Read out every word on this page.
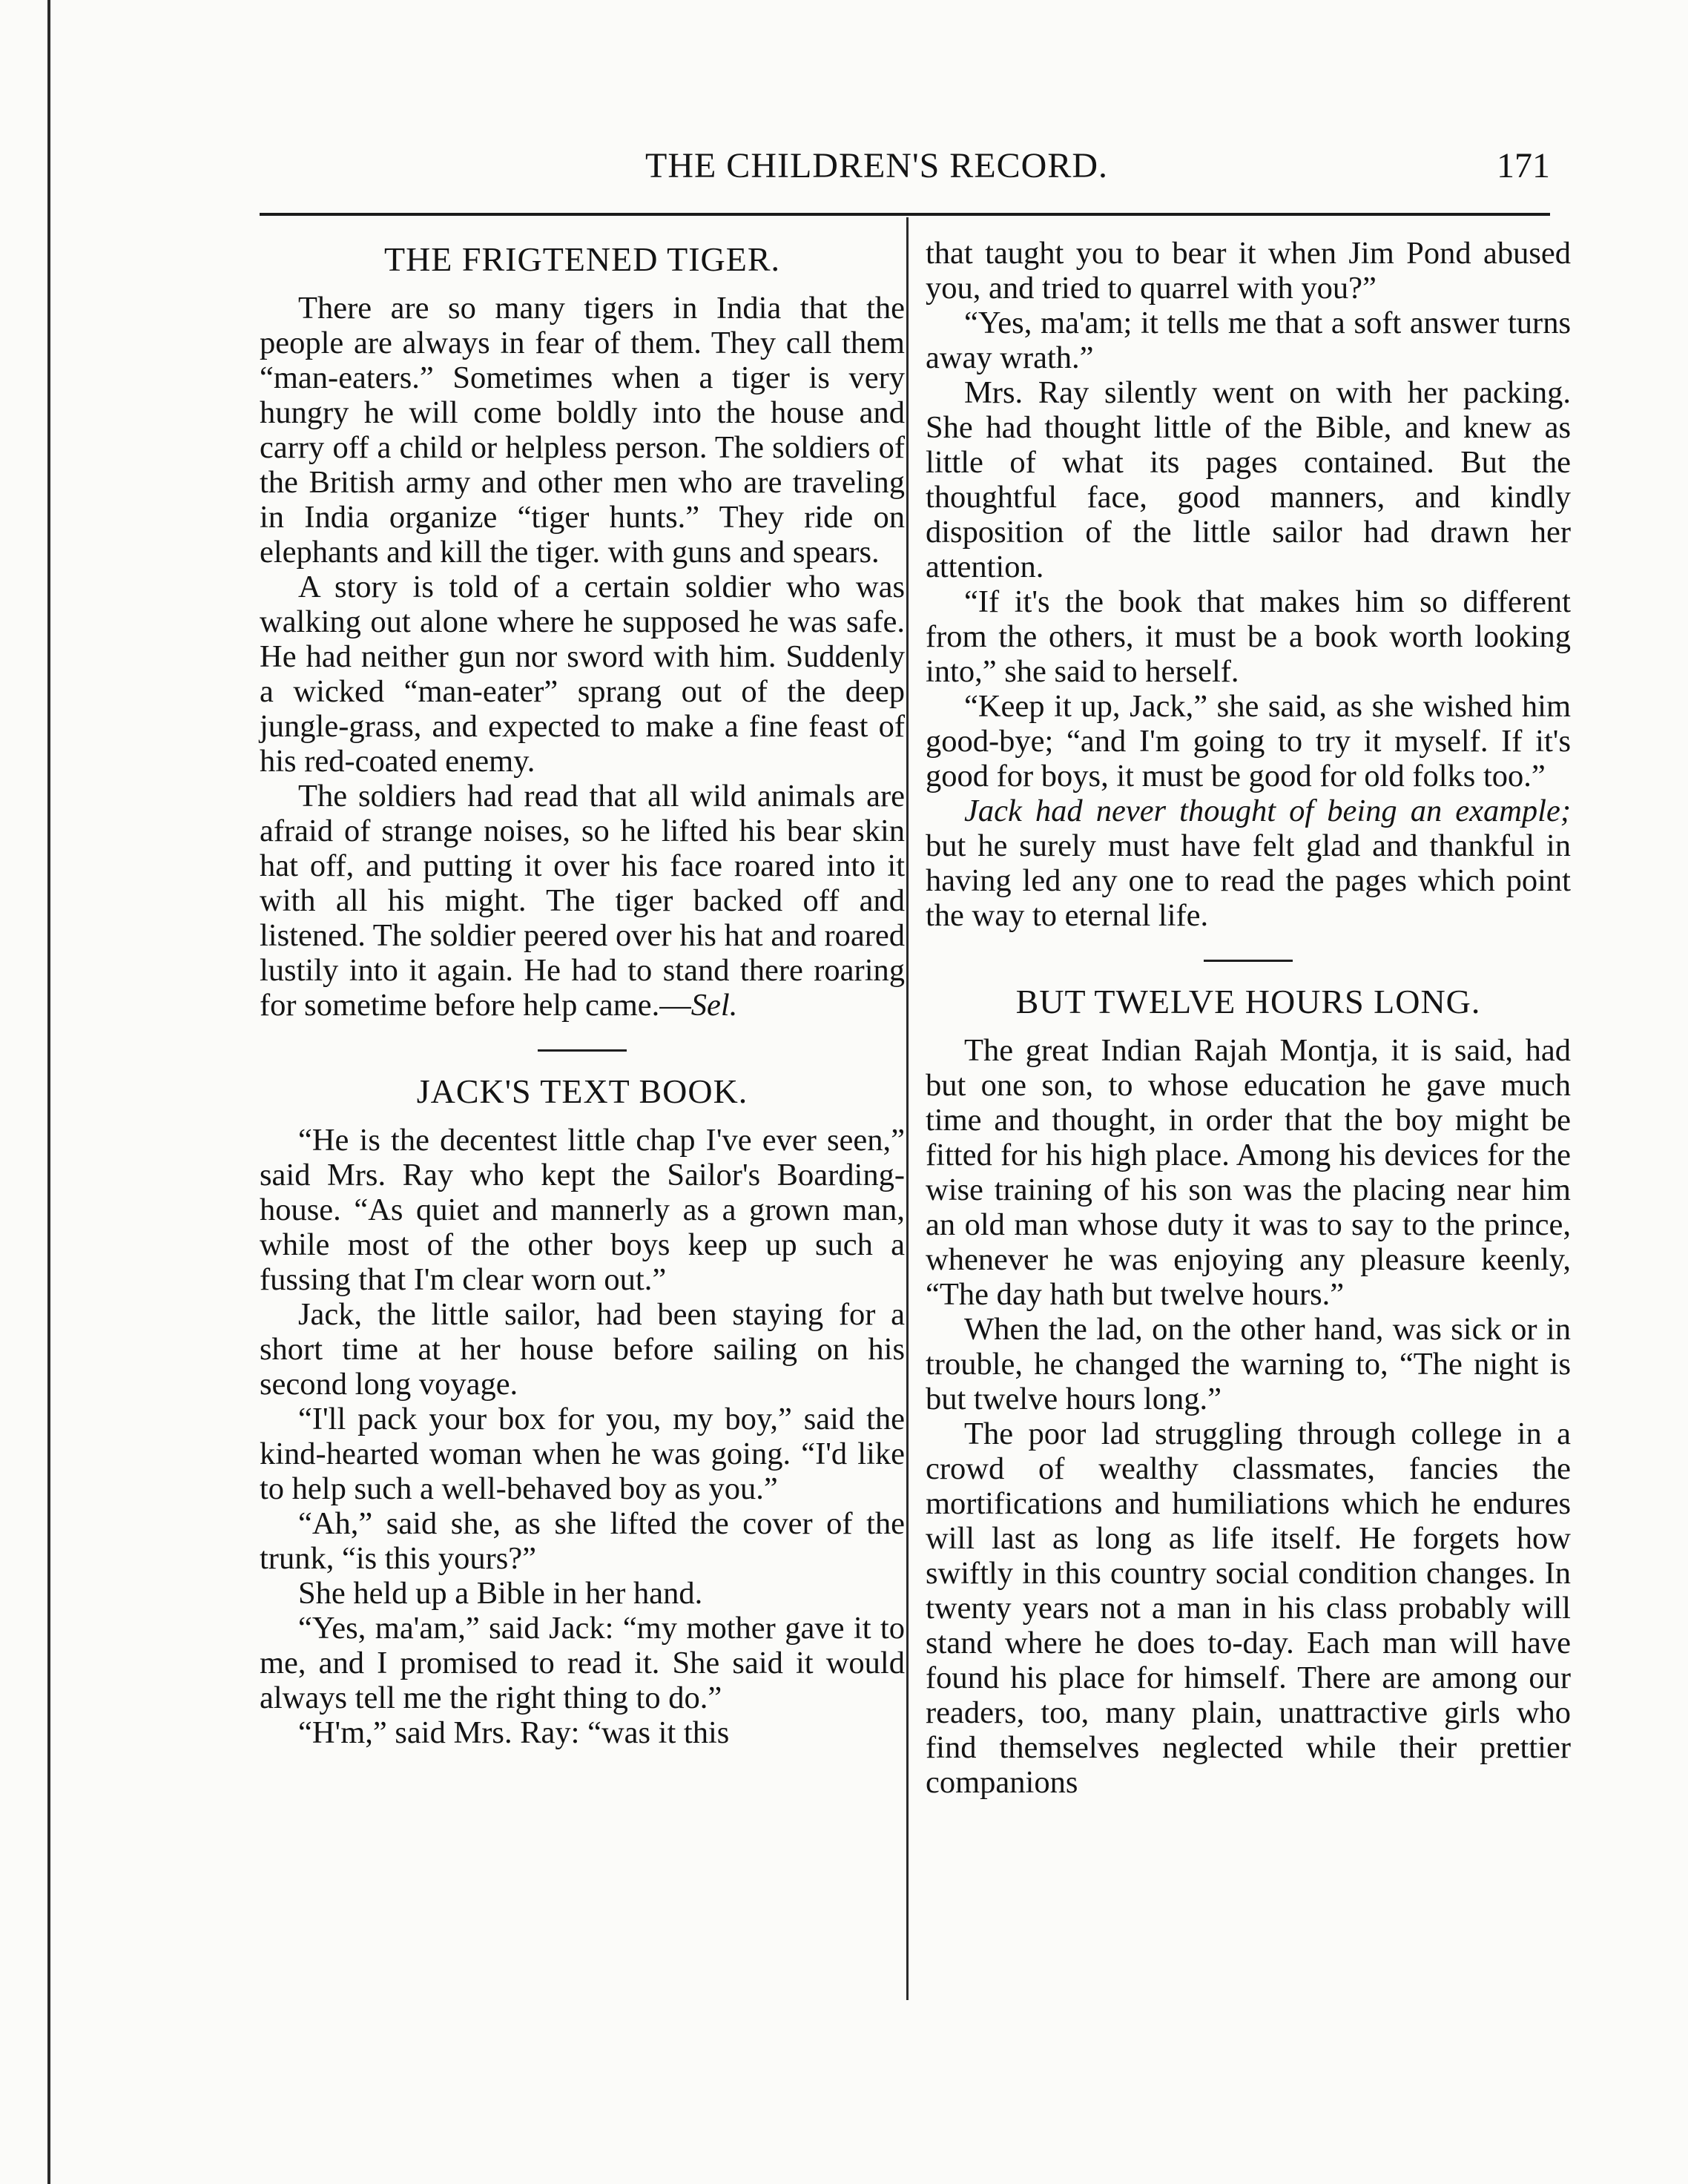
THE CHILDREN'S RECORD.	171
THE FRIGTENED TIGER.

There are so many tigers in India that the people are always in fear of them. They call them “man-eaters.” Sometimes when a tiger is very hungry he will come boldly into the house and carry off a child or helpless person. The soldiers of the British army and other men who are traveling in India organize “tiger hunts.” They ride on elephants and kill the tiger. with guns and spears.

A story is told of a certain soldier who was walking out alone where he supposed he was safe. He had neither gun nor sword with him. Suddenly a wicked “man-eater” sprang out of the deep jungle-grass, and expected to make a fine feast of his red-coated enemy.

The soldiers had read that all wild animals are afraid of strange noises, so he lifted his bear skin hat off, and putting it over his face roared into it with all his might. The tiger backed off and listened. The soldier peered over his hat and roared lustily into it again. He had to stand there roaring for sometime before help came.—Sel.

JACK'S TEXT BOOK.

“He is the decentest little chap I've ever seen,” said Mrs. Ray who kept the Sailor's Boarding-house. “As quiet and mannerly as a grown man, while most of the other boys keep up such a fussing that I'm clear worn out.”

Jack, the little sailor, had been staying for a short time at her house before sailing on his second long voyage.

“I'll pack your box for you, my boy,” said the kind-hearted woman when he was going. “I'd like to help such a well-behaved boy as you.”

“Ah,” said she, as she lifted the cover of the trunk, “is this yours?”

She held up a Bible in her hand.

“Yes, ma'am,” said Jack: “my mother gave it to me, and I promised to read it. She said it would always tell me the right thing to do.”

“H'm,” said Mrs. Ray: “was it this

that taught you to bear it when Jim Pond abused you, and tried to quarrel with you?”

“Yes, ma'am; it tells me that a soft answer turns away wrath.”

Mrs. Ray silently went on with her packing. She had thought little of the Bible, and knew as little of what its pages contained. But the thoughtful face, good manners, and kindly disposition of the little sailor had drawn her attention.

“If it's the book that makes him so different from the others, it must be a book worth looking into,” she said to herself.

“Keep it up, Jack,” she said, as she wished him good-bye; “and I'm going to try it myself. If it's good for boys, it must be good for old folks too.”

Jack had never thought of being an example; but he surely must have felt glad and thankful in having led any one to read the pages which point the way to eternal life.

BUT TWELVE HOURS LONG.

The great Indian Rajah Montja, it is said, had but one son, to whose education he gave much time and thought, in order that the boy might be fitted for his high place. Among his devices for the wise training of his son was the placing near him an old man whose duty it was to say to the prince, whenever he was enjoying any pleasure keenly, “The day hath but twelve hours.”

When the lad, on the other hand, was sick or in trouble, he changed the warning to, “The night is but twelve hours long.”

The poor lad struggling through college in a crowd of wealthy classmates, fancies the mortifications and humiliations which he endures will last as long as life itself. He forgets how swiftly in this country social condition changes. In twenty years not a man in his class probably will stand where he does to-day. Each man will have found his place for himself. There are among our readers, too, many plain, unattractive girls who find themselves neglected while their prettier companions
